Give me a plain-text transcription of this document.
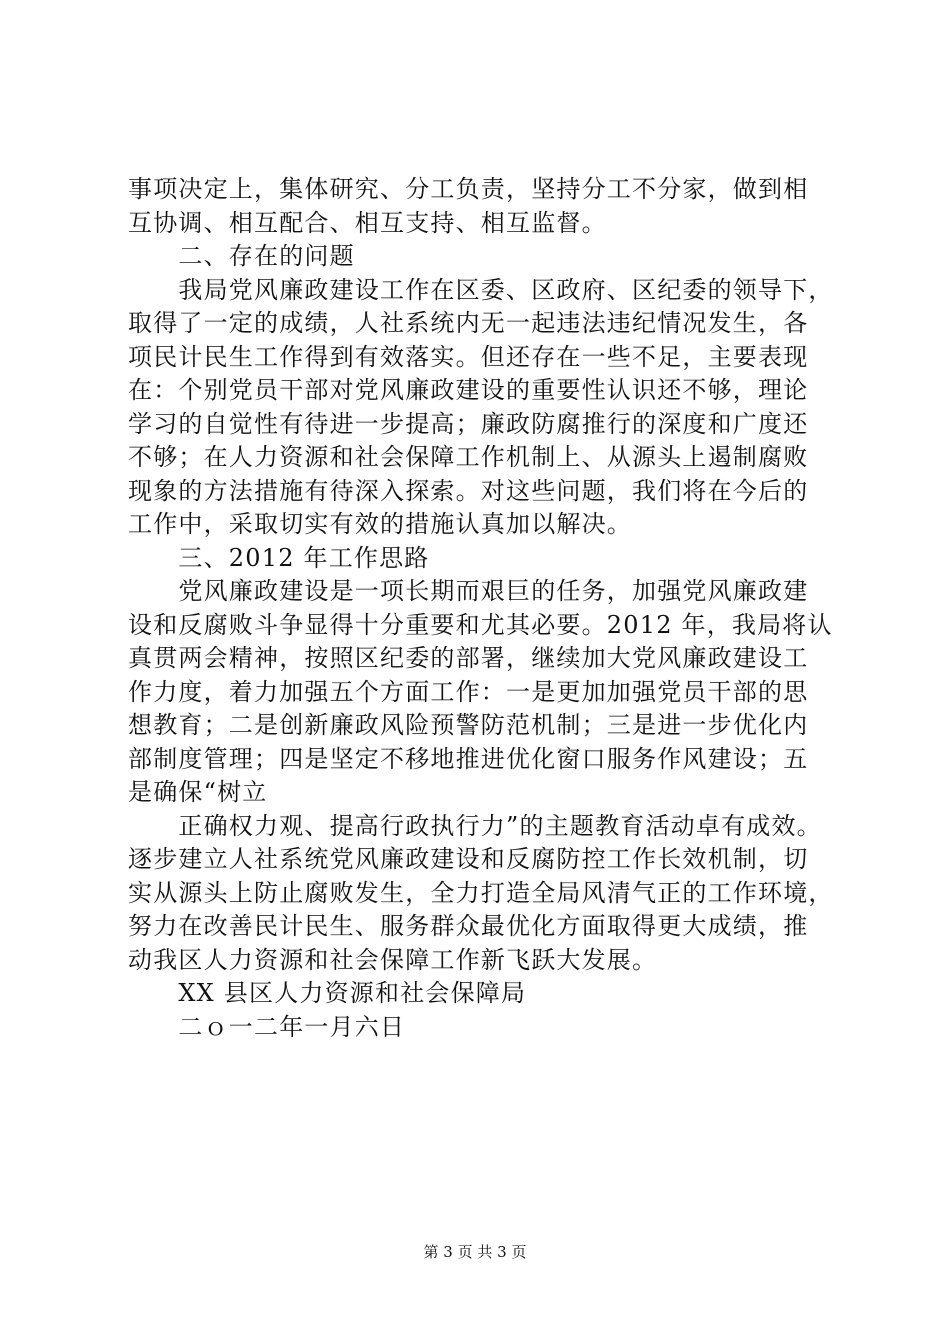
事项决定上，集体研究、分工负责，坚持分工不分家，做到相
互协调、相互配合、相互支持、相互监督。
　　二、存在的问题
　　我局党风廉政建设工作在区委、区政府、区纪委的领导下，
取得了一定的成绩，人社系统内无一起违法违纪情况发生，各
项民计民生工作得到有效落实。但还存在一些不足，主要表现
在：个别党员干部对党风廉政建设的重要性认识还不够，理论
学习的自觉性有待进一步提高；廉政防腐推行的深度和广度还
不够；在人力资源和社会保障工作机制上、从源头上遏制腐败
现象的方法措施有待深入探索。对这些问题，我们将在今后的
工作中，采取切实有效的措施认真加以解决。
　　三、2012 年工作思路
　　党风廉政建设是一项长期而艰巨的任务，加强党风廉政建
设和反腐败斗争显得十分重要和尤其必要。2012 年，我局将认
真贯两会精神，按照区纪委的部署，继续加大党风廉政建设工
作力度，着力加强五个方面工作：一是更加加强党员干部的思
想教育；二是创新廉政风险预警防范机制；三是进一步优化内
部制度管理；四是坚定不移地推进优化窗口服务作风建设；五
是确保“树立
　　正确权力观、提高行政执行力”的主题教育活动卓有成效。
逐步建立人社系统党风廉政建设和反腐防控工作长效机制，切
实从源头上防止腐败发生，全力打造全局风清气正的工作环境，
努力在改善民计民生、服务群众最优化方面取得更大成绩，推
动我区人力资源和社会保障工作新飞跃大发展。
　　XX 县区人力资源和社会保障局
　　二ｏ一二年一月六日
第 3 页 共 3 页
